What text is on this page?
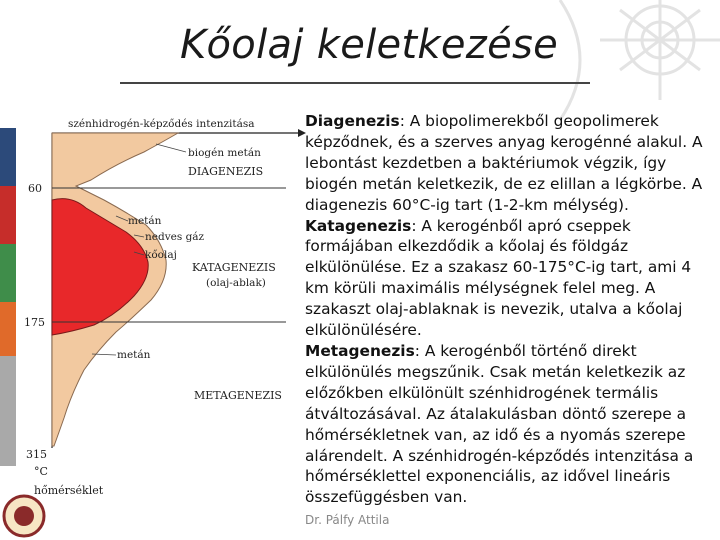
Kőolaj keletkezése
szénhidrogén-képződés intenzitása
60
175
315
°C
hőmérséklet
biogén metán
DIAGENEZIS
metán
nedves gáz
kőolaj
KATAGENEZIS
(olaj-ablak)
metán
METAGENEZIS

Diagenezis: A biopolimerekből geopolimerek képződnek, és a szerves anyag kerogénné alakul. A lebontást kezdetben a baktériumok végzik, így biogén metán keletkezik, de ez elillan a légkörbe. A diagenezis 60°C-ig tart (1-2-km mélység).

Katagenezis: A kerogénből apró cseppek formájában elkezdődik a kőolaj és földgáz elkülönülése. Ez a szakasz 60-175°C-ig tart, ami 4 km körüli maximális mélységnek felel meg. A szakaszt olaj-ablaknak is nevezik, utalva a kőolaj elkülönülésére.

Metagenezis: A kerogénből történő direkt elkülönülés megszűnik. Csak metán keletkezik az előzőkben elkülönült szénhidrogének termális átváltozásával. Az átalakulásban döntő szerepe a hőmérsékletnek van, az idő és a nyomás szerepe alárendelt. A szénhidrogén-képződés intenzitása a hőmérséklettel exponenciális, az idővel lineáris összefüggésben van.

Dr. Pálfy Attila
